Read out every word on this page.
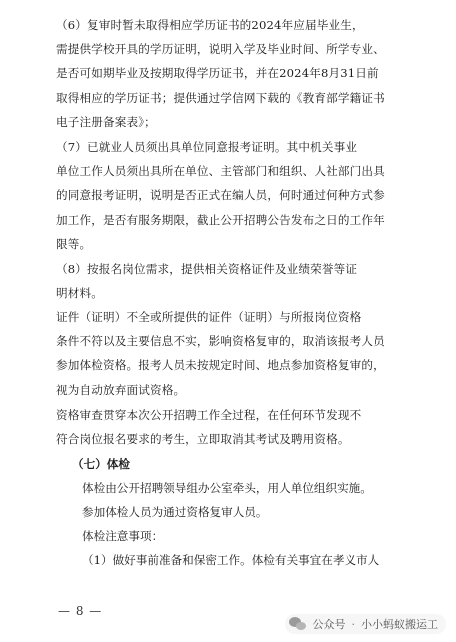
（6）复审时暂未取得相应学历证书的2024年应届毕业生，
需提供学校开具的学历证明，说明入学及毕业时间、所学专业、
是否可如期毕业及按期取得学历证书，并在2024年8月31日前
取得相应的学历证书；提供通过学信网下载的《教育部学籍证书
电子注册备案表》；
（7）已就业人员须出具单位同意报考证明。其中机关事业
单位工作人员须出具所在单位、主管部门和组织、人社部门出具
的同意报考证明，说明是否正式在编人员，何时通过何种方式参
加工作，是否有服务期限，截止公开招聘公告发布之日的工作年
限等。
（8）按报名岗位需求，提供相关资格证件及业绩荣誉等证
明材料。
证件（证明）不全或所提供的证件（证明）与所报岗位资格
条件不符以及主要信息不实，影响资格复审的，取消该报考人员
参加体检资格。报考人员未按规定时间、地点参加资格复审的，
视为自动放弃面试资格。
资格审查贯穿本次公开招聘工作全过程，在任何环节发现不
符合岗位报名要求的考生，立即取消其考试及聘用资格。
（七）体检
体检由公开招聘领导组办公室牵头，用人单位组织实施。
参加体检人员为通过资格复审人员。
体检注意事项：
（1）做好事前准备和保密工作。体检有关事宜在孝义市人
— 8 —
公众号 · 小小蚂蚁搬运工
